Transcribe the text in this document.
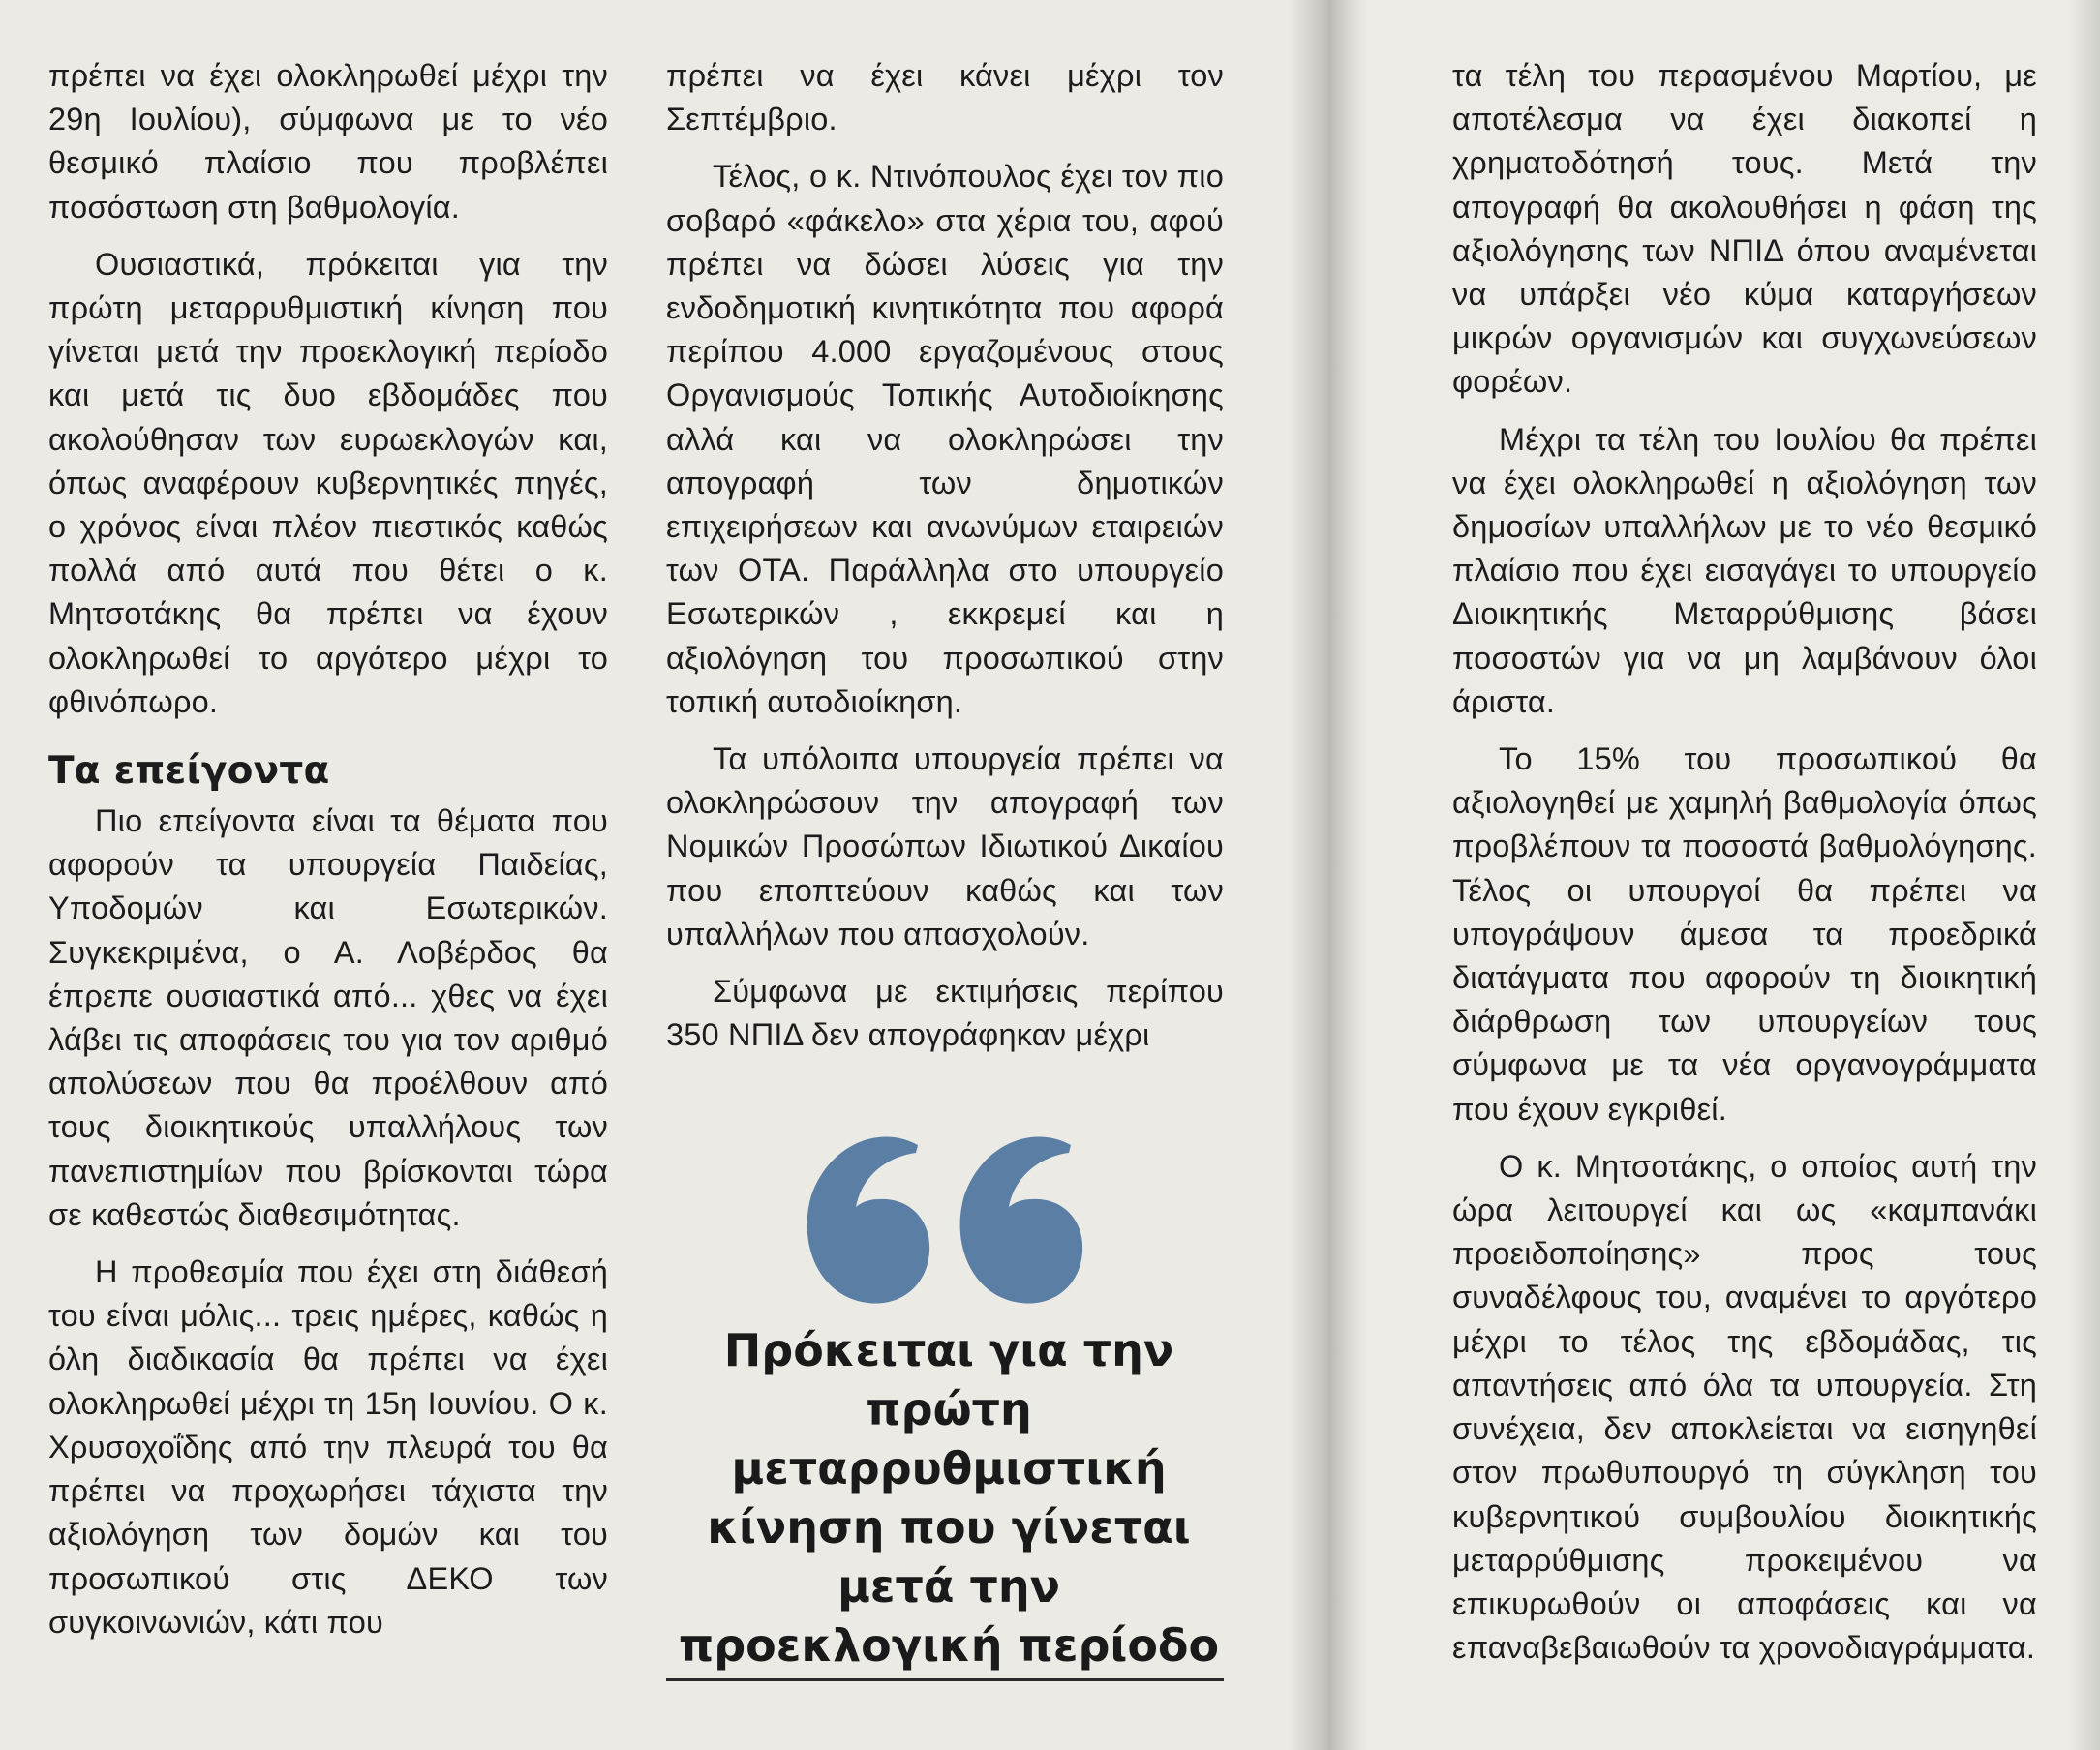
πρέπει να έχει ολοκληρωθεί μέχρι την 29η Ιουλίου), σύμφωνα με το νέο θεσμικό πλαίσιο που προβλέπει ποσόστωση στη βαθμολογία.

Ουσιαστικά, πρόκειται για την πρώτη μεταρρυθμιστική κίνηση που γίνεται μετά την προεκλογική περίοδο και μετά τις δυο εβδομάδες που ακολούθησαν των ευρωεκλογών και, όπως αναφέρουν κυβερνητικές πηγές, ο χρόνος είναι πλέον πιεστικός καθώς πολλά από αυτά που θέτει ο κ. Μητσοτάκης θα πρέπει να έχουν ολοκληρωθεί το αργότερο μέχρι το φθινόπωρο.

Τα επείγοντα

Πιο επείγοντα είναι τα θέματα που αφορούν τα υπουργεία Παιδείας, Υποδομών και Εσωτερικών. Συγκεκριμένα, ο Α. Λοβέρδος θα έπρεπε ουσιαστικά από... χθες να έχει λάβει τις αποφάσεις του για τον αριθμό απολύσεων που θα προέλθουν από τους διοικητικούς υπαλλήλους των πανεπιστημίων που βρίσκονται τώρα σε καθεστώς διαθεσιμότητας.

Η προθεσμία που έχει στη διάθεσή του είναι μόλις... τρεις ημέρες, καθώς η όλη διαδικασία θα πρέπει να έχει ολοκληρωθεί μέχρι τη 15η Ιουνίου. Ο κ. Χρυσοχοΐδης από την πλευρά του θα πρέπει να προχωρήσει τάχιστα την αξιολόγηση των δομών και του προσωπικού στις ΔΕΚΟ των συγκοινωνιών, κάτι που

πρέπει να έχει κάνει μέχρι τον Σεπτέμβριο.

Τέλος, ο κ. Ντινόπουλος έχει τον πιο σοβαρό «φάκελο» στα χέρια του, αφού πρέπει να δώσει λύσεις για την ενδοδημοτική κινητικότητα που αφορά περίπου 4.000 εργαζομένους στους Οργανισμούς Τοπικής Αυτοδιοίκησης αλλά και να ολοκληρώσει την απογραφή των δημοτικών επιχειρήσεων και ανωνύμων εταιρειών των ΟΤΑ. Παράλληλα στο υπουργείο Εσωτερικών , εκκρεμεί και η αξιολόγηση του προσωπικού στην τοπική αυτοδιοίκηση.

Τα υπόλοιπα υπουργεία πρέπει να ολοκληρώσουν την απογραφή των Νομικών Προσώπων Ιδιωτικού Δικαίου που εποπτεύουν καθώς και των υπαλλήλων που απασχολούν.

Σύμφωνα με εκτιμήσεις περίπου 350 ΝΠΙΔ δεν απογράφηκαν μέχρι

Πρόκειται για την πρώτη μεταρρυθμιστική κίνηση που γίνεται μετά την προεκλογική περίοδο

τα τέλη του περασμένου Μαρτίου, με αποτέλεσμα να έχει διακοπεί η χρηματοδότησή τους. Μετά την απογραφή θα ακολουθήσει η φάση της αξιολόγησης των ΝΠΙΔ όπου αναμένεται να υπάρξει νέο κύμα καταργήσεων μικρών οργανισμών και συγχωνεύσεων φορέων.

Μέχρι τα τέλη του Ιουλίου θα πρέπει να έχει ολοκληρωθεί η αξιολόγηση των δημοσίων υπαλλήλων με το νέο θεσμικό πλαίσιο που έχει εισαγάγει το υπουργείο Διοικητικής Μεταρρύθμισης βάσει ποσοστών για να μη λαμβάνουν όλοι άριστα.

Το 15% του προσωπικού θα αξιολογηθεί με χαμηλή βαθμολογία όπως προβλέπουν τα ποσοστά βαθμολόγησης. Τέλος οι υπουργοί θα πρέπει να υπογράψουν άμεσα τα προεδρικά διατάγματα που αφορούν τη διοικητική διάρθρωση των υπουργείων τους σύμφωνα με τα νέα οργανογράμματα που έχουν εγκριθεί.

Ο κ. Μητσοτάκης, ο οποίος αυτή την ώρα λειτουργεί και ως «καμπανάκι προειδοποίησης» προς τους συναδέλφους του, αναμένει το αργότερο μέχρι το τέλος της εβδομάδας, τις απαντήσεις από όλα τα υπουργεία. Στη συνέχεια, δεν αποκλείεται να εισηγηθεί στον πρωθυπουργό τη σύγκληση του κυβερνητικού συμβουλίου διοικητικής μεταρρύθμισης προκειμένου να επικυρωθούν οι αποφάσεις και να επαναβεβαιωθούν τα χρονοδιαγράμματα.
